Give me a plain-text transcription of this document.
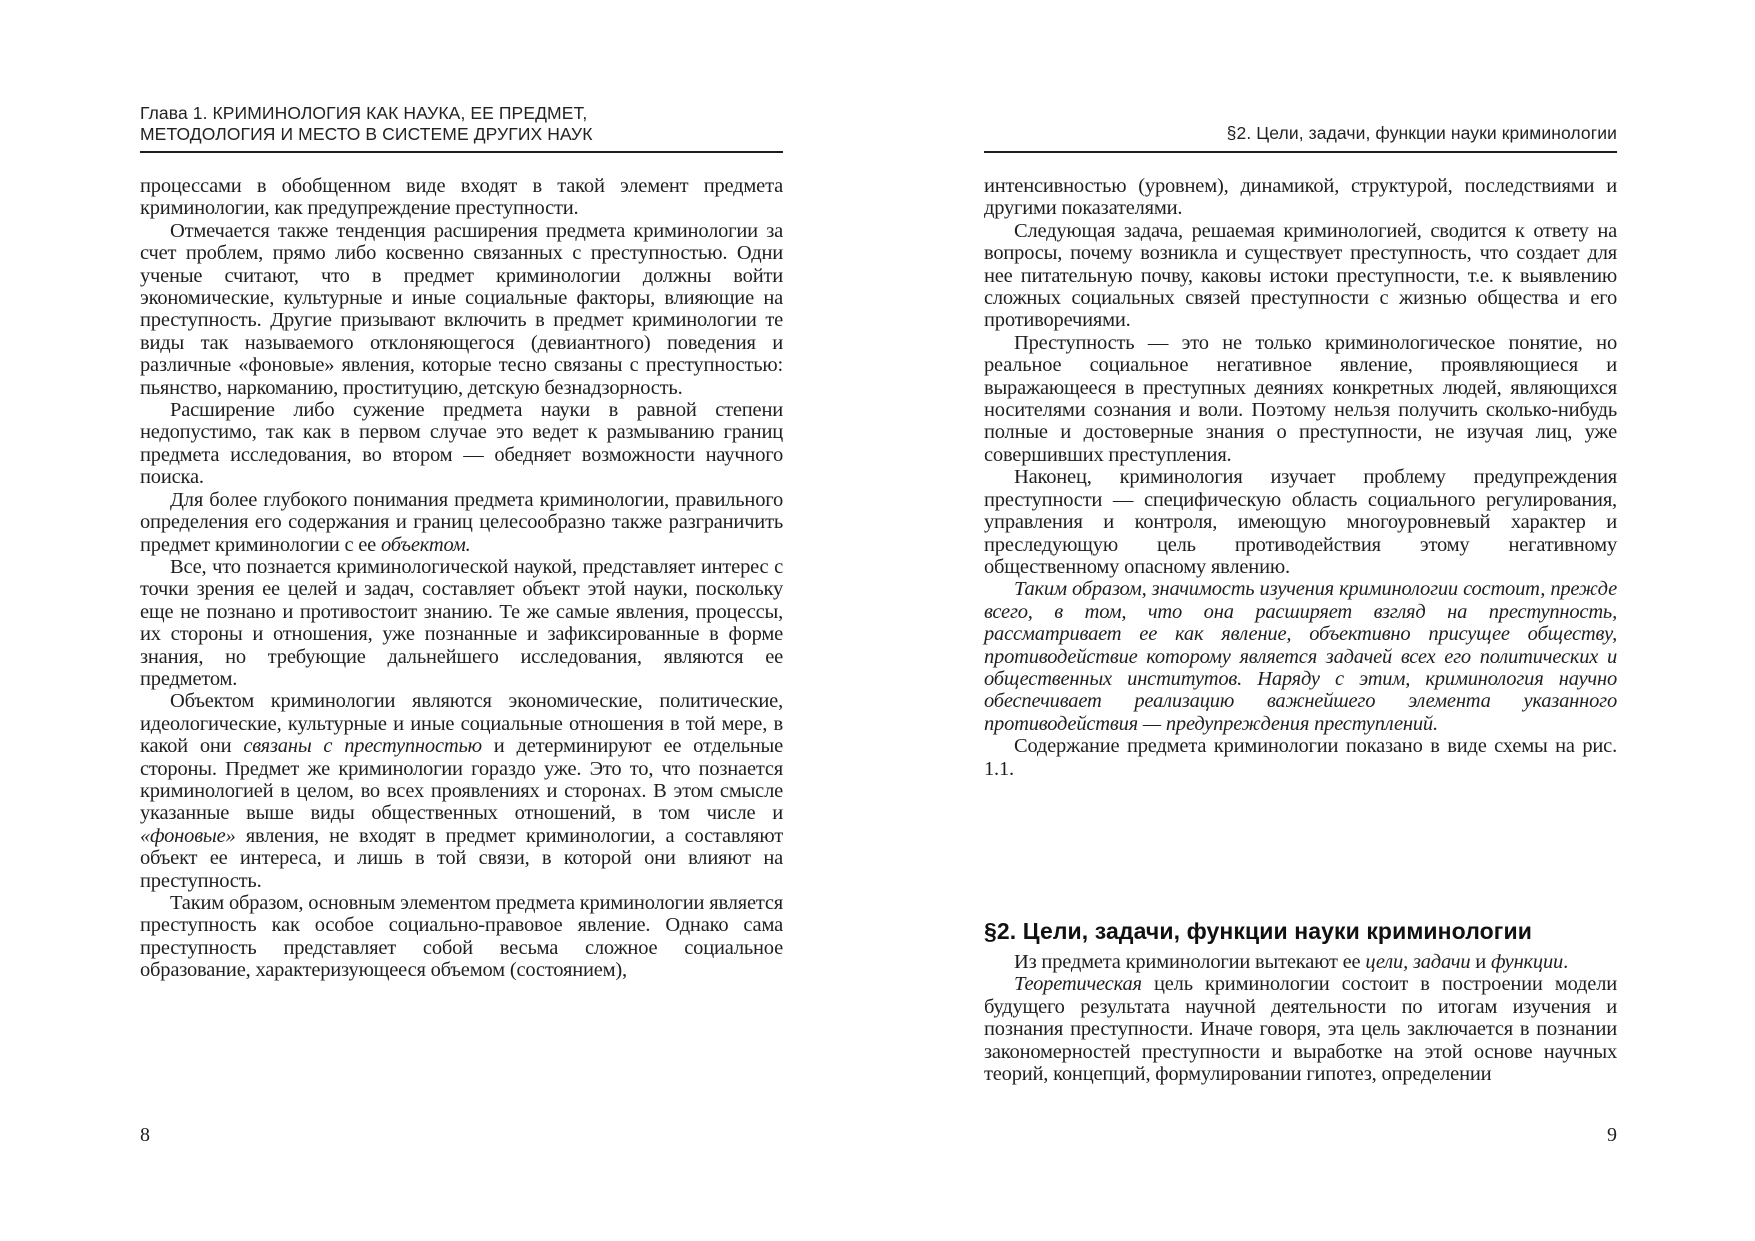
Глава 1. КРИМИНОЛОГИЯ КАК НАУКА, ЕЕ ПРЕДМЕТ,
МЕТОДОЛОГИЯ И МЕСТО В СИСТЕМЕ ДРУГИХ НАУК

процессами в обобщенном виде входят в такой элемент предмета криминологии, как предупреждение преступности.

Отмечается также тенденция расширения предмета криминологии за счет проблем, прямо либо косвенно связанных с преступностью. Одни ученые считают, что в предмет криминологии должны войти экономические, культурные и иные социальные факторы, влияющие на преступность. Другие призывают включить в предмет криминологии те виды так называемого отклоняющегося (девиантного) поведения и различные «фоновые» явления, которые тесно связаны с преступностью: пьянство, наркоманию, проституцию, детскую безнадзорность.

Расширение либо сужение предмета науки в равной степени недопустимо, так как в первом случае это ведет к размыванию границ предмета исследования, во втором — обедняет возможности научного поиска.

Для более глубокого понимания предмета криминологии, правильного определения его содержания и границ целесообразно также разграничить предмет криминологии с ее объектом.

Все, что познается криминологической наукой, представляет интерес с точки зрения ее целей и задач, составляет объект этой науки, поскольку еще не познано и противостоит знанию. Те же самые явления, процессы, их стороны и отношения, уже познанные и зафиксированные в форме знания, но требующие дальнейшего исследования, являются ее предметом.

Объектом криминологии являются экономические, политические, идеологические, культурные и иные социальные отношения в той мере, в какой они связаны с преступностью и детерминируют ее отдельные стороны. Предмет же криминологии гораздо уже. Это то, что познается криминологией в целом, во всех проявлениях и сторонах. В этом смысле указанные выше виды общественных отношений, в том числе и «фоновые» явления, не входят в предмет криминологии, а составляют объект ее интереса, и лишь в той связи, в которой они влияют на преступность.

Таким образом, основным элементом предмета криминологии является преступность как особое социально-правовое явление. Однако сама преступность представляет собой весьма сложное социальное образование, характеризующееся объемом (состоянием),

8
§2. Цели, задачи, функции науки криминологии

интенсивностью (уровнем), динамикой, структурой, последствиями и другими показателями.

Следующая задача, решаемая криминологией, сводится к ответу на вопросы, почему возникла и существует преступность, что создает для нее питательную почву, каковы истоки преступности, т.е. к выявлению сложных социальных связей преступности с жизнью общества и его противоречиями.

Преступность — это не только криминологическое понятие, но реальное социальное негативное явление, проявляющиеся и выражающееся в преступных деяниях конкретных людей, являющихся носителями сознания и воли. Поэтому нельзя получить сколько-нибудь полные и достоверные знания о преступности, не изучая лиц, уже совершивших преступления.

Наконец, криминология изучает проблему предупреждения преступности — специфическую область социального регулирования, управления и контроля, имеющую многоуровневый характер и преследующую цель противодействия этому негативному общественному опасному явлению.

Таким образом, значимость изучения криминологии состоит, прежде всего, в том, что она расширяет взгляд на преступность, рассматривает ее как явление, объективно присущее обществу, противодействие которому является задачей всех его политических и общественных институтов. Наряду с этим, криминология научно обеспечивает реализацию важнейшего элемента указанного противодействия — предупреждения преступлений.

Содержание предмета криминологии показано в виде схемы на рис. 1.1.

§2. Цели, задачи, функции науки криминологии

Из предмета криминологии вытекают ее цели, задачи и функции.

Теоретическая цель криминологии состоит в построении модели будущего результата научной деятельности по итогам изучения и познания преступности. Иначе говоря, эта цель заключается в познании закономерностей преступности и выработке на этой основе научных теорий, концепций, формулировании гипотез, определении

9
